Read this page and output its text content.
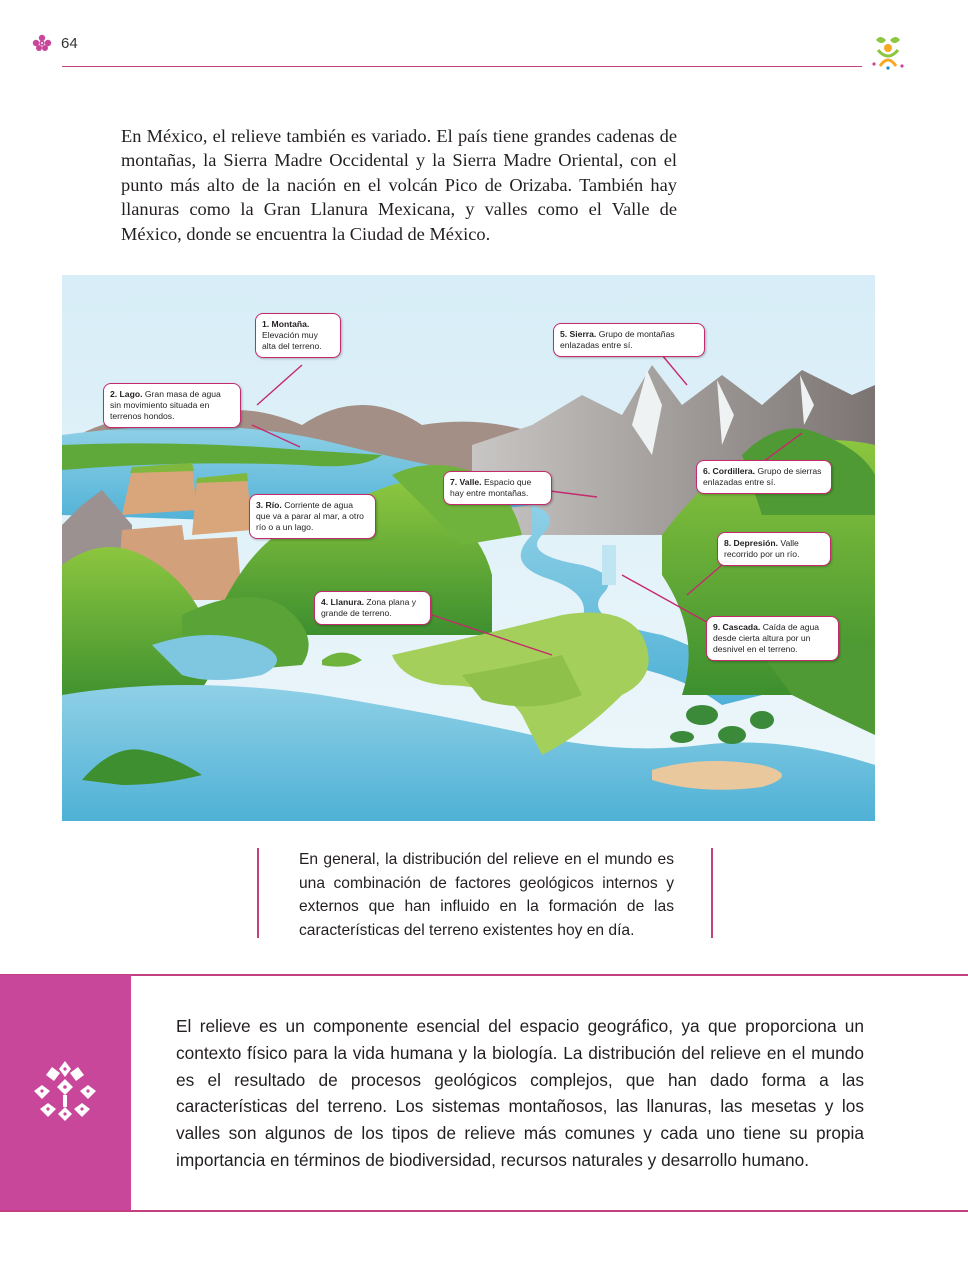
64

En México, el relieve también es variado. El país tiene grandes cadenas de montañas, la Sierra Madre Occidental y la Sierra Madre Oriental, con el punto más alto de la nación en el volcán Pico de Orizaba. También hay llanuras como la Gran Llanura Mexicana, y valles como el Valle de México, donde se encuentra la Ciudad de México.

1. Montaña. Elevación muy alta del terreno.
2. Lago. Gran masa de agua sin movimiento situada en terrenos hondos.
3. Río. Corriente de agua que va a parar al mar, a otro río o a un lago.
4. Llanura. Zona plana y grande de terreno.
5. Sierra. Grupo de montañas enlazadas entre sí.
6. Cordillera. Grupo de sierras enlazadas entre sí.
7. Valle. Espacio que hay entre montañas.
8. Depresión. Valle recorrido por un río.
9. Cascada. Caída de agua desde cierta altura por un desnivel en el terreno.

En general, la distribución del relieve en el mundo es una combinación de factores geológicos internos y externos que han influido en la formación de las características del terreno existentes hoy en día.

El relieve es un componente esencial del espacio geográfico, ya que proporciona un contexto físico para la vida humana y la biología. La distribución del relieve en el mundo es el resultado de procesos geológicos complejos, que han dado forma a las características del terreno. Los sistemas montañosos, las llanuras, las mesetas y los valles son algunos de los tipos de relieve más comunes y cada uno tiene su propia importancia en términos de biodiversidad, recursos naturales y desarrollo humano.
